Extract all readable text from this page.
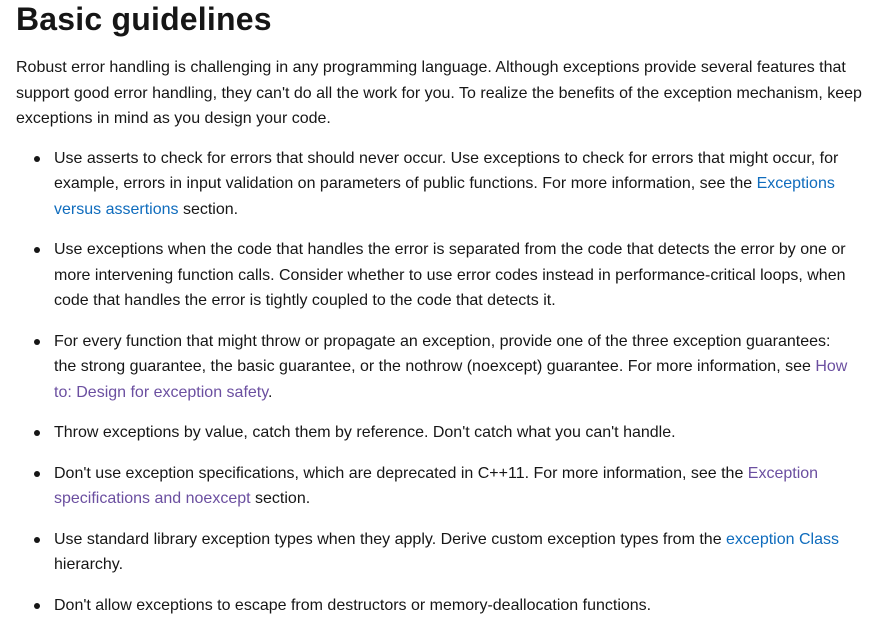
Basic guidelines

Robust error handling is challenging in any programming language. Although exceptions provide several features that support good error handling, they can't do all the work for you. To realize the benefits of the exception mechanism, keep exceptions in mind as you design your code.

Use asserts to check for errors that should never occur. Use exceptions to check for errors that might occur, for example, errors in input validation on parameters of public functions. For more information, see the Exceptions versus assertions section.
Use exceptions when the code that handles the error is separated from the code that detects the error by one or more intervening function calls. Consider whether to use error codes instead in performance-critical loops, when code that handles the error is tightly coupled to the code that detects it.
For every function that might throw or propagate an exception, provide one of the three exception guarantees: the strong guarantee, the basic guarantee, or the nothrow (noexcept) guarantee. For more information, see How to: Design for exception safety.
Throw exceptions by value, catch them by reference. Don't catch what you can't handle.
Don't use exception specifications, which are deprecated in C++11. For more information, see the Exception specifications and noexcept section.
Use standard library exception types when they apply. Derive custom exception types from the exception Class hierarchy.
Don't allow exceptions to escape from destructors or memory-deallocation functions.
